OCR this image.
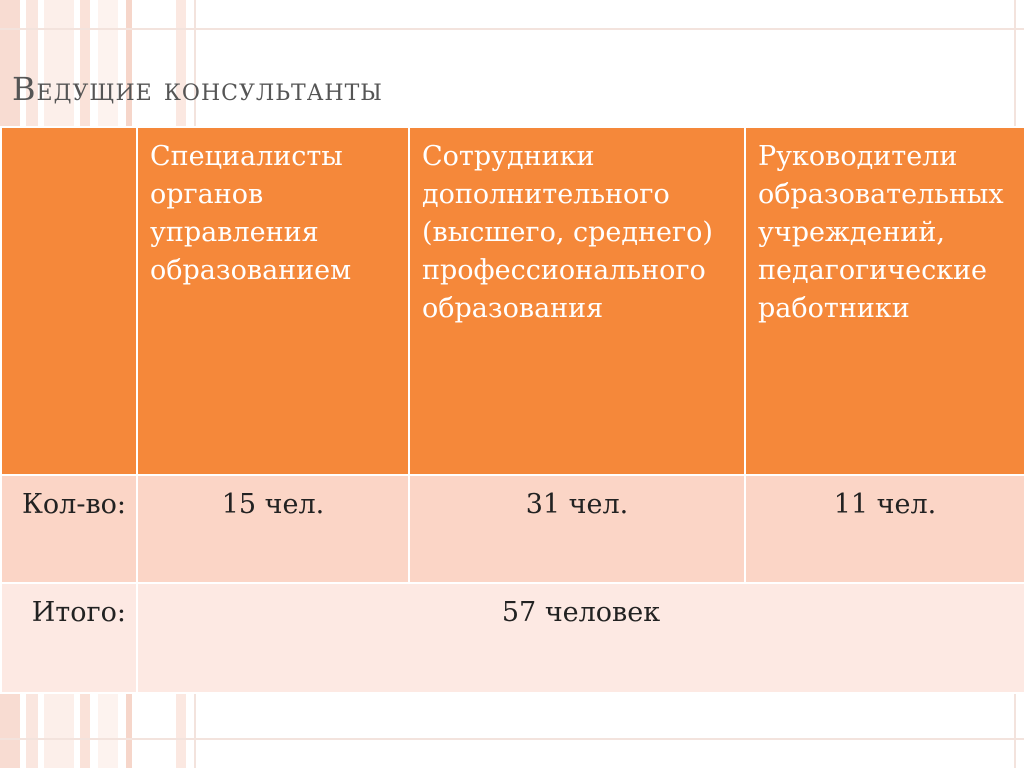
Ведущие консультанты
	Специалисты органов управления образованием	Сотрудники дополнительного (высшего, среднего) профессионального образования	Руководители образовательных учреждений, педагогические работники
Кол-во:	15 чел.	31 чел.	11 чел.
Итого:	57 человек		
